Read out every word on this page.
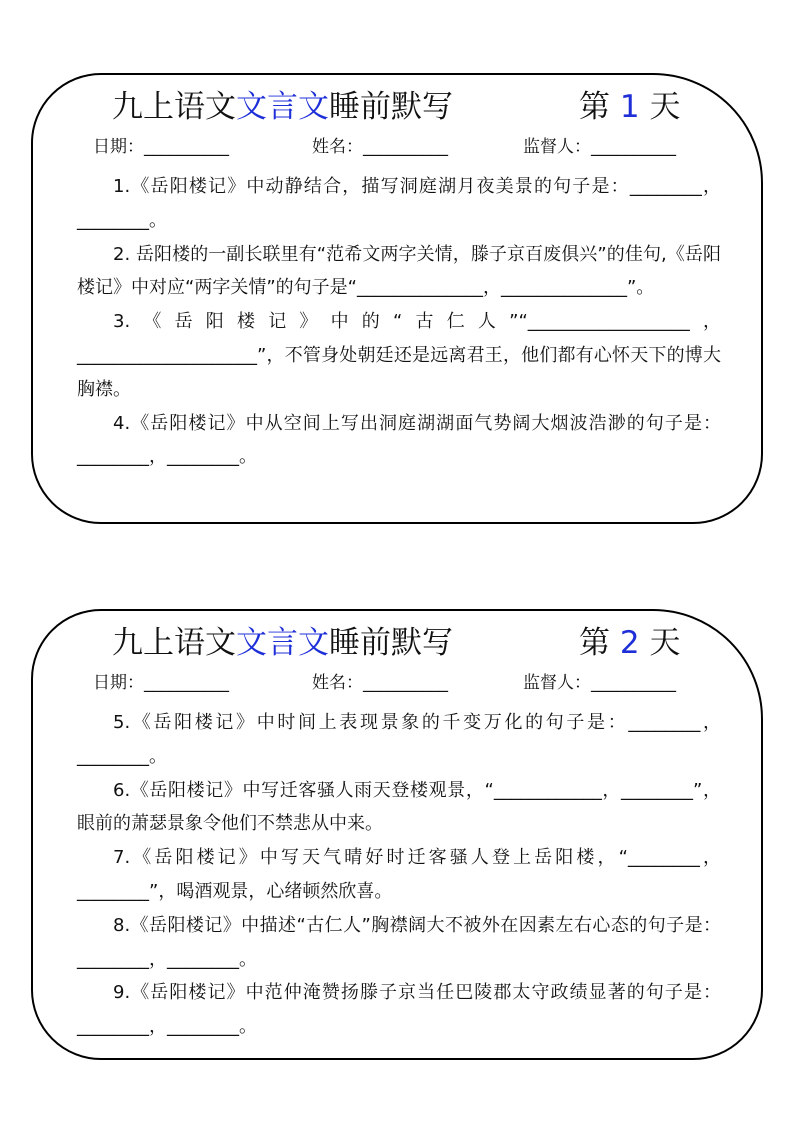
九上语文文言文睡前默写	第 1 天
日期：__________	姓名：__________	监督人：__________

1.《岳阳楼记》中动静结合，描写洞庭湖月夜美景的句子是：________，________。

2. 岳阳楼的一副长联里有“范希文两字关情，滕子京百废俱兴”的佳句,《岳阳楼记》中对应“两字关情”的句子是“______________，______________”。

3.《岳阳楼记》中的“古仁人”“__________________，____________________”，不管身处朝廷还是远离君王，他们都有心怀天下的博大胸襟。

4.《岳阳楼记》中从空间上写出洞庭湖湖面气势阔大烟波浩渺的句子是：________，________。

九上语文文言文睡前默写	第 2 天
日期：__________	姓名：__________	监督人：__________

5.《岳阳楼记》中时间上表现景象的千变万化的句子是：________，________。

6.《岳阳楼记》中写迁客骚人雨天登楼观景，“____________，________”，眼前的萧瑟景象令他们不禁悲从中来。

7.《岳阳楼记》中写天气晴好时迁客骚人登上岳阳楼，“________，________”，喝酒观景，心绪顿然欣喜。

8.《岳阳楼记》中描述“古仁人”胸襟阔大不被外在因素左右心态的句子是：________，________。

9.《岳阳楼记》中范仲淹赞扬滕子京当任巴陵郡太守政绩显著的句子是：________，________。
